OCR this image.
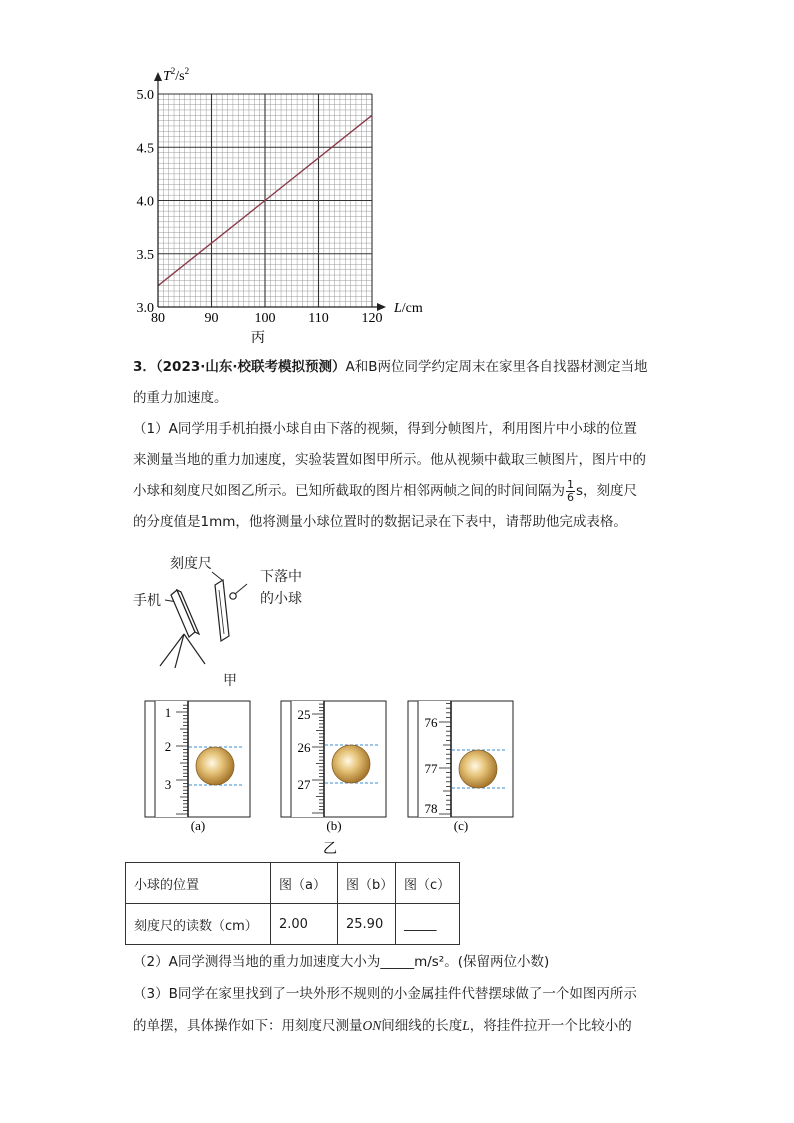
80	90	100 110 120
5.0
4.5
4.0
3.5
3.0
$T^2/s^2$
L/cm
丙
3．（2023·山东·校联考模拟预测）A和B两位同学约定周末在家里各自找器材测定当地
的重力加速度。
（1）A同学用手机拍摄小球自由下落的视频，得到分帧图片，利用图片中小球的位置
来测量当地的重力加速度，实验装置如图甲所示。他从视频中截取三帧图片，图片中的
小球和刻度尺如图乙所示。已知所截取的图片相邻两帧之间的时间间隔为 $\frac{1}{6}$ s，刻度尺
的分度值是1mm，他将测量小球位置时的数据记录在下表中，请帮助他完成表格。
刻度尺
手机
下落中
的小球
甲
1
2
3
(a)
25
26
27
(b)
76
77
78
(c)
乙
小球的位置	图（a）	图（b）	图（c）
刻度尺的读数（cm）	2.00	25.90	_____
（2）A同学测得当地的重力加速度大小为_____m/s²。(保留两位小数)
（3）B同学在家里找到了一块外形不规则的小金属挂件代替摆球做了一个如图丙所示
的单摆，具体操作如下：用刻度尺测量ON间细线的长度L，将挂件拉开一个比较小的
